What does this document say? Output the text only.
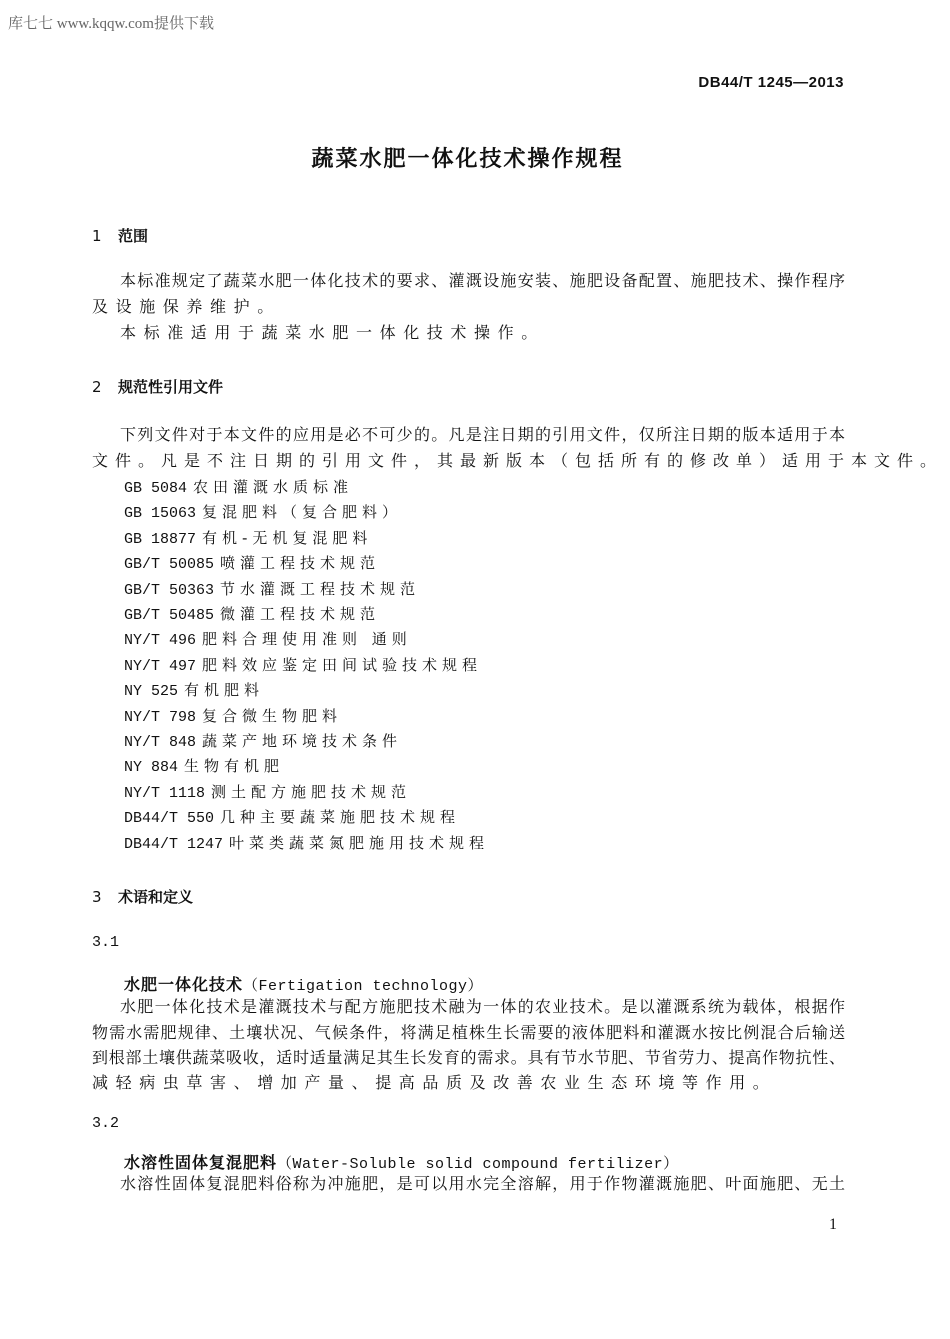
库七七 www.kqqw.com提供下载
DB44/T 1245—2013
蔬菜水肥一体化技术操作规程
1 范围
本标准规定了蔬菜水肥一体化技术的要求、灌溉设施安装、施肥设备配置、施肥技术、操作程序
及设施保养维护。
本标准适用于蔬菜水肥一体化技术操作。
2 规范性引用文件
下列文件对于本文件的应用是必不可少的。凡是注日期的引用文件，仅所注日期的版本适用于本
文件。凡是不注日期的引用文件，其最新版本（包括所有的修改单）适用于本文件。
GB 5084 农田灌溉水质标准
GB 15063 复混肥料（复合肥料）
GB 18877 有机-无机复混肥料
GB/T 50085 喷灌工程技术规范
GB/T 50363 节水灌溉工程技术规范
GB/T 50485 微灌工程技术规范
NY/T 496 肥料合理使用准则 通则
NY/T 497 肥料效应鉴定田间试验技术规程
NY 525 有机肥料
NY/T 798 复合微生物肥料
NY/T 848 蔬菜产地环境技术条件
NY 884 生物有机肥
NY/T 1118 测土配方施肥技术规范
DB44/T 550 几种主要蔬菜施肥技术规程
DB44/T 1247 叶菜类蔬菜氮肥施用技术规程
3 术语和定义
3.1
水肥一体化技术（Fertigation technology）
水肥一体化技术是灌溉技术与配方施肥技术融为一体的农业技术。是以灌溉系统为载体，根据作
物需水需肥规律、土壤状况、气候条件，将满足植株生长需要的液体肥料和灌溉水按比例混合后输送
到根部土壤供蔬菜吸收，适时适量满足其生长发育的需求。具有节水节肥、节省劳力、提高作物抗性、
减轻病虫草害、增加产量、提高品质及改善农业生态环境等作用。
3.2
水溶性固体复混肥料（Water-Soluble solid compound fertilizer）
水溶性固体复混肥料俗称为冲施肥，是可以用水完全溶解，用于作物灌溉施肥、叶面施肥、无土
1
